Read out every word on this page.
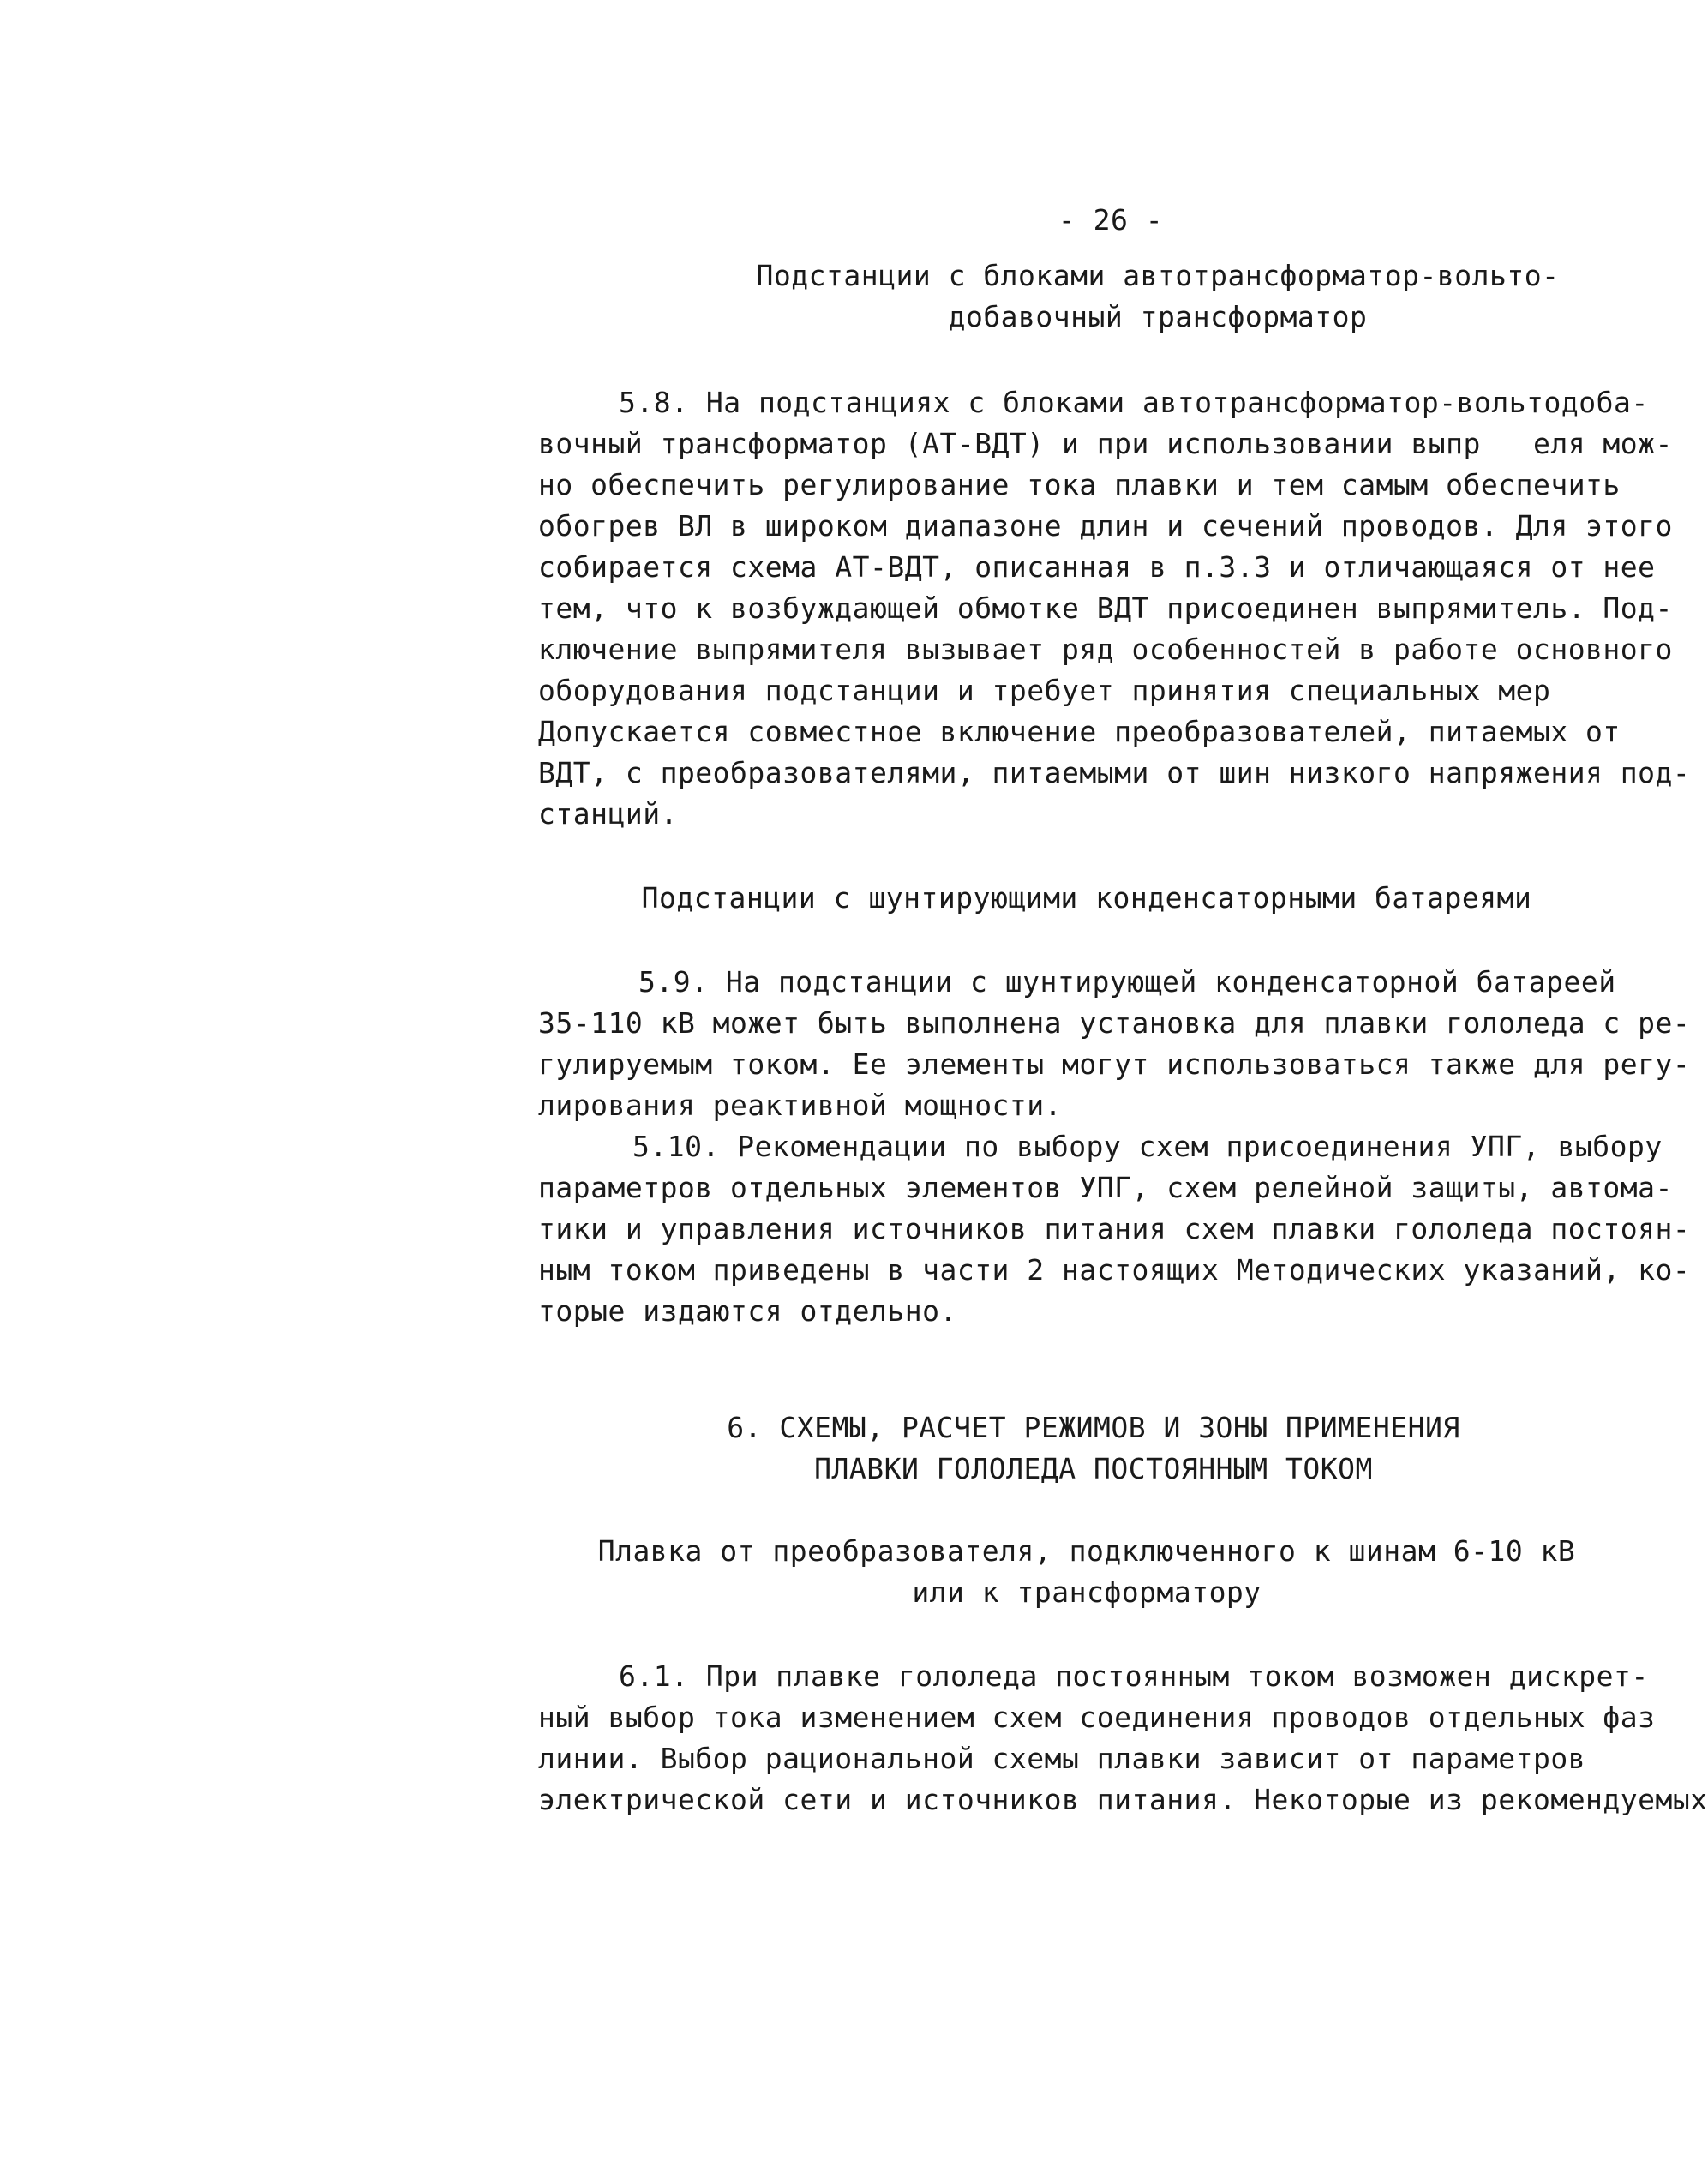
- 26 -
Подстанции с блоками автотрансформатор-вольто-
добавочный трансформатор
5.8. На подстанциях с блоками автотрансформатор-вольтодоба-
вочный трансформатор (АТ-ВДТ) и при использовании выпр   еля мож-
но обеспечить регулирование тока плавки и тем самым обеспечить
обогрев ВЛ в широком диапазоне длин и сечений проводов. Для этого
собирается схема АТ-ВДТ, описанная в п.3.3 и отличающаяся от нее
тем, что к возбуждающей обмотке ВДТ присоединен выпрямитель. Под-
ключение выпрямителя вызывает ряд особенностей в работе основного
оборудования подстанции и требует принятия специальных мер
Допускается совместное включение преобразователей, питаемых от
ВДТ, с преобразователями, питаемыми от шин низкого напряжения под-
станций.
Подстанции с шунтирующими конденсаторными батареями
5.9. На подстанции с шунтирующей конденсаторной батареей
35-110 кВ может быть выполнена установка для плавки гололеда с ре-
гулируемым током. Ее элементы могут использоваться также для регу-
лирования реактивной мощности.
5.10. Рекомендации по выбору схем присоединения УПГ, выбору
параметров отдельных элементов УПГ, схем релейной защиты, автома-
тики и управления источников питания схем плавки гололеда постоян-
ным током приведены в части 2 настоящих Методических указаний, ко-
торые издаются отдельно.
6. СХЕМЫ, РАСЧЕТ РЕЖИМОВ И ЗОНЫ ПРИМЕНЕНИЯ
ПЛАВКИ ГОЛОЛЕДА ПОСТОЯННЫМ ТОКОМ
Плавка от преобразователя, подключенного к шинам 6-10 кВ
или к трансформатору
6.1. При плавке гололеда постоянным током возможен дискрет-
ный выбор тока изменением схем соединения проводов отдельных фаз
линии. Выбор рациональной схемы плавки зависит от параметров
электрической сети и источников питания. Некоторые из рекомендуемых
